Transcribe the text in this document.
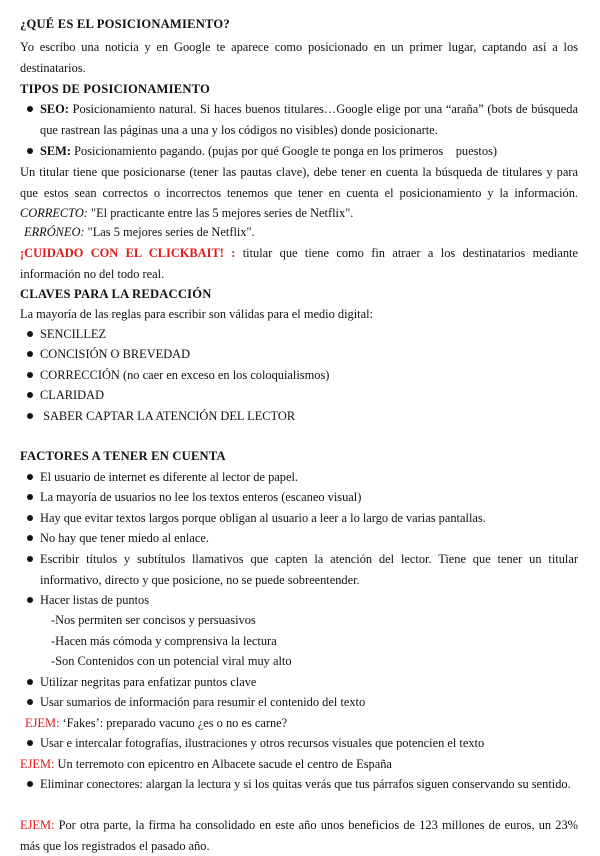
¿QUÉ ES EL POSICIONAMIENTO?
Yo escribo una noticia y en Google te aparece como posicionado en un primer lugar, captando así a los destinatarios.
TIPOS DE POSICIONAMIENTO
SEO: Posicionamiento natural. Si haces buenos titulares…Google elige por una “araña” (bots de búsqueda que rastrean las páginas una a una y los códigos no visibles) donde posicionarte.
SEM: Posicionamiento pagando. (pujas por qué Google te ponga en los primeros    puestos)
Un titular tiene que posicionarse (tener las pautas clave), debe tener en cuenta la búsqueda de titulares y para que estos sean correctos o incorrectos tenemos que tener en cuenta el posicionamiento y la información. CORRECTO: "El practicante entre las 5 mejores series de Netflix".
ERRÓNEO: "Las 5 mejores series de Netflix".
¡CUIDADO CON EL CLICKBAIT! : titular que tiene como fin atraer a los destinatarios mediante información no del todo real.
CLAVES PARA LA REDACCIÓN
La mayoría de las reglas para escribir son válidas para el medio digital:
SENCILLEZ
CONCISIÓN O BREVEDAD
CORRECCIÓN (no caer en exceso en los coloquialismos)
CLARIDAD
SABER CAPTAR LA ATENCIÓN DEL LECTOR
FACTORES A TENER EN CUENTA
El usuario de internet es diferente al lector de papel.
La mayoría de usuarios no lee los textos enteros (escaneo visual)
Hay que evitar textos largos porque obligan al usuario a leer a lo largo de varias pantallas.
No hay que tener miedo al enlace.
Escribir títulos y subtítulos llamativos que capten la atención del lector. Tiene que tener un titular informativo, directo y que posicione, no se puede sobreentender.
Hacer listas de puntos
-Nos permiten ser concisos y persuasivos
-Hacen más cómoda y comprensiva la lectura
-Son Contenidos con un potencial viral muy alto
Utilizar negritas para enfatizar puntos clave
Usar sumarios de información para resumir el contenido del texto
EJEM: ‘Fakes’: preparado vacuno ¿es o no es carne?
Usar e intercalar fotografías, ilustraciones y otros recursos visuales que potencien el texto
EJEM: Un terremoto con epicentro en Albacete sacude el centro de España
Eliminar conectores: alargan la lectura y si los quitas verás que tus párrafos siguen conservando su sentido.
EJEM: Por otra parte, la firma ha consolidado en este año unos beneficios de 123 millones de euros, un 23% más que los registrados el pasado año.
